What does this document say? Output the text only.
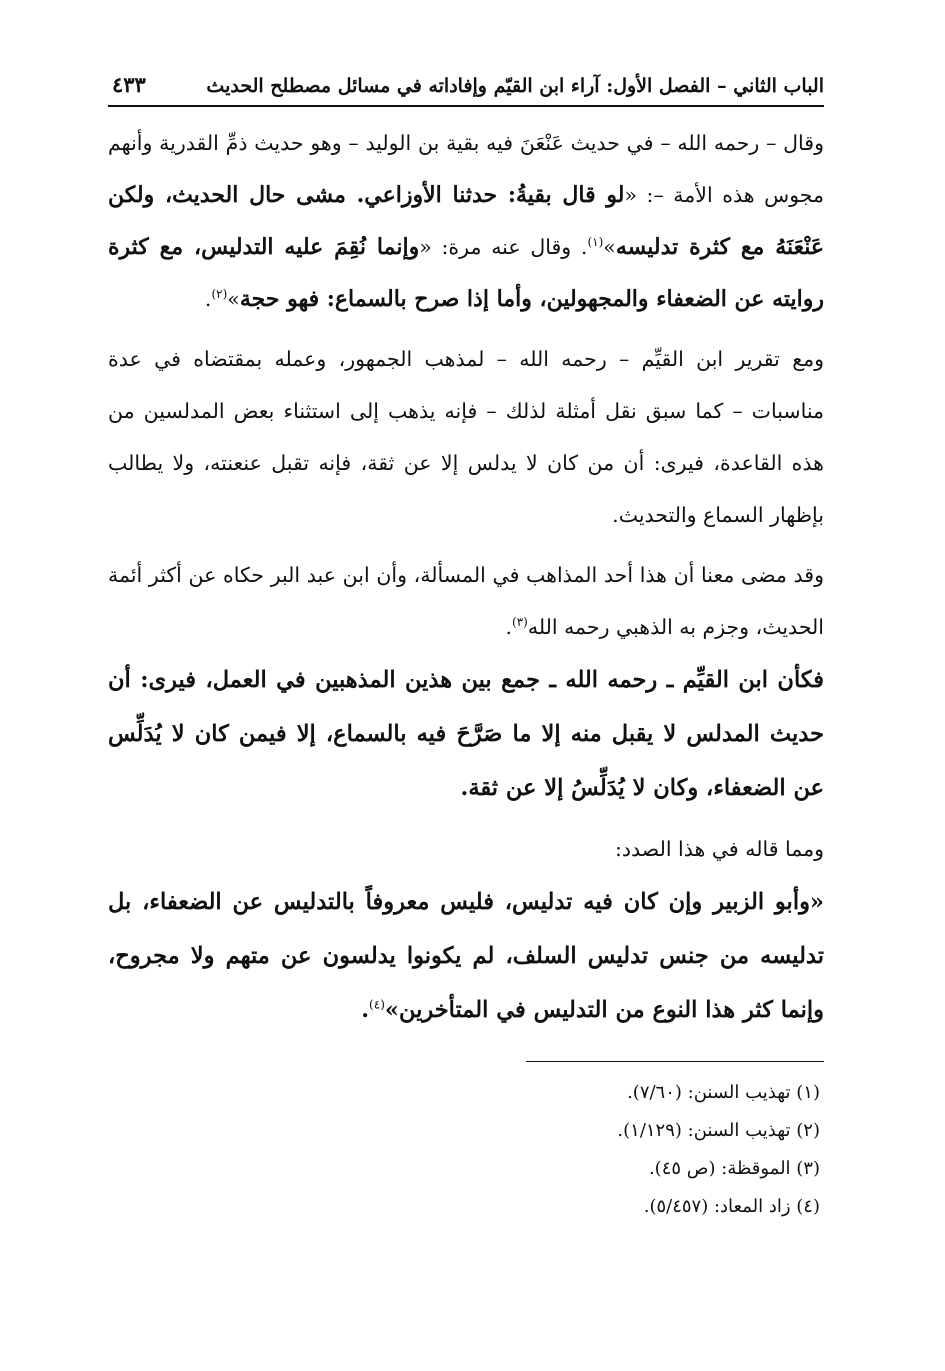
الباب الثاني – الفصل الأول: آراء ابن القيّم وإفاداته في مسائل مصطلح الحديث
٤٣٣

وقال – رحمه الله – في حديث عَنْعَنَ فيه بقية بن الوليد – وهو حديث ذمِّ القدرية وأنهم مجوس هذه الأمة –: «لو قال بقيةُ: حدثنا الأوزاعي. مشى حال الحديث، ولكن عَنْعَنَهُ مع كثرة تدليسه»$^{(١)}$. وقال عنه مرة: «وإنما نُقِمَ عليه التدليس، مع كثرة روايته عن الضعفاء والمجهولين، وأما إذا صرح بالسماع: فهو حجة»$^{(٢)}$.

ومع تقرير ابن القيِّم – رحمه الله – لمذهب الجمهور، وعمله بمقتضاه في عدة مناسبات – كما سبق نقل أمثلة لذلك – فإنه يذهب إلى استثناء بعض المدلسين من هذه القاعدة، فيرى: أن من كان لا يدلس إلا عن ثقة، فإنه تقبل عنعنته، ولا يطالب بإظهار السماع والتحديث.

وقد مضى معنا أن هذا أحد المذاهب في المسألة، وأن ابن عبد البر حكاه عن أكثر أئمة الحديث، وجزم به الذهبي رحمه الله$^{(٣)}$.

فكأن ابن القيِّم ـ رحمه الله ـ جمع بين هذين المذهبين في العمل، فيرى: أن حديث المدلس لا يقبل منه إلا ما صَرَّحَ فيه بالسماع، إلا فيمن كان لا يُدَلِّس عن الضعفاء، وكان لا يُدَلِّسُ إلا عن ثقة.

ومما قاله في هذا الصدد:

«وأبو الزبير وإن كان فيه تدليس، فليس معروفاً بالتدليس عن الضعفاء، بل تدليسه من جنس تدليس السلف، لم يكونوا يدلسون عن متهم ولا مجروح، وإنما كثر هذا النوع من التدليس في المتأخرين»$^{(٤)}$.

(١) تهذيب السنن: (٧/٦٠).
(٢) تهذيب السنن: (١/١٢٩).
(٣) الموقظة: (ص ٤٥).
(٤) زاد المعاد: (٥/٤٥٧).
